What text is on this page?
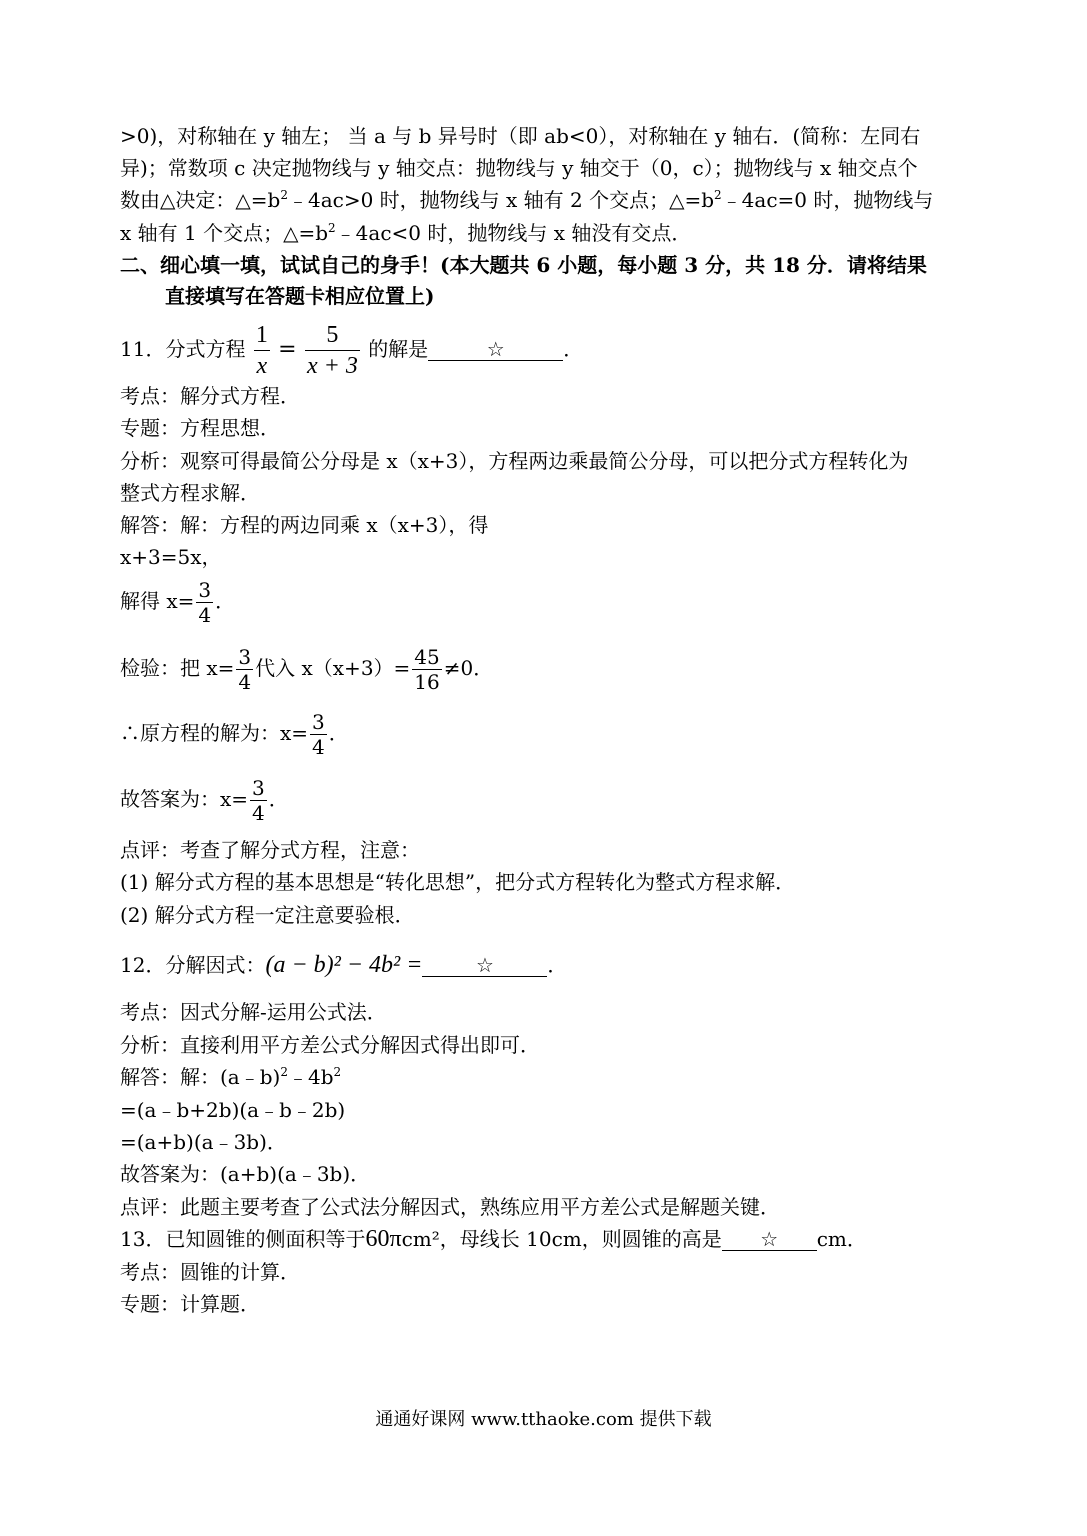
>0)，对称轴在 y 轴左； 当 a 与 b 异号时（即 ab<0），对称轴在 y 轴右．(简称：左同右
异)；常数项 c 决定抛物线与 y 轴交点：抛物线与 y 轴交于（0，c）；抛物线与 x 轴交点个
数由△决定：$\triangle=b^2﹣4ac>0$ 时，抛物线与 x 轴有 2 个交点；$\triangle=b^2﹣4ac=0$ 时，抛物线与
x 轴有 1 个交点；$\triangle=b^2﹣4ac<0$ 时，抛物线与 x 轴没有交点．
二、细心填一填，试试自己的身手！(本大题共 6 小题，每小题 3 分，共 18 分．请将结果
直接填写在答题卡相应位置上)
11．分式方程 $\frac{1}{x} = \frac{5}{x + 3}$ 的解是	☆	．
考点：解分式方程．
专题：方程思想．
分析：观察可得最简公分母是 x（x+3），方程两边乘最简公分母，可以把分式方程转化为
整式方程求解．
解答：解：方程的两边同乘 x（x+3），得
x+3=5x，
解得 $x= \frac{3}{4}$ ．
检验：把 $x= \frac{3}{4}$ 代入 $x(x+3)= \frac{45}{16} \ne 0$．
∴原方程的解为：$x= \frac{3}{4}$ ．
故答案为：$x= \frac{3}{4}$ ．
点评：考查了解分式方程，注意：
(1) 解分式方程的基本思想是“转化思想”，把分式方程转化为整式方程求解．
(2) 解分式方程一定注意要验根．
12．分解因式：(a − b)² − 4b² =	☆	．
考点：因式分解-运用公式法．
分析：直接利用平方差公式分解因式得出即可．
解答：解：$(a﹣b)^2﹣4b^2$
=(a﹣b+2b)(a﹣b﹣2b)
=(a+b)(a﹣3b)．
故答案为：(a+b)(a﹣3b)．
点评：此题主要考查了公式法分解因式，熟练应用平方差公式是解题关键．
13．已知圆锥的侧面积等于60πcm²，母线长 10cm，则圆锥的高是 ☆ cm．
考点：圆锥的计算．
专题：计算题．
通通好课网 www.tthaoke.com 提供下载
